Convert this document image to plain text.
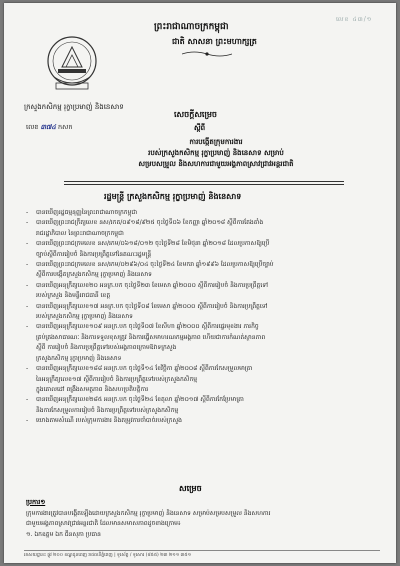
លេខ ៤៣/១
ព្រះរាជាណាចក្រកម្ពុជា
ជាតិ សាសនា ព្រះមហាក្សត្រ
ក្រសួងកសិកម្ម រុក្ខាប្រមាញ់ និងនេសាទ
សេចក្តីសម្រេច
លេខ ៣៧៤ កសក	ស្តីពី
ការបង្កើតក្រុមការងារ
របស់ក្រសួងកសិកម្ម រុក្ខាប្រមាញ់ និងនេសាទ សម្រាប់
សម្របសម្រួល និងសហការជាមួយអង្គភាពស្រាវជ្រាវអន្តរជាតិ
រដ្ឋមន្ត្រី ក្រសួងកសិកម្ម រុក្ខាប្រមាញ់ និងនេសាទ
- បានឃើញរដ្ឋធម្មនុញ្ញនៃព្រះរាជាណាចក្រកម្ពុជា
- បានឃើញព្រះរាជក្រឹត្យលេខ នស/រកត/០៩១៨/៩២៥ ចុះថ្ងៃទី០៦ ខែកញ្ញា ឆ្នាំ២០១៨ ស្តីពីការតែងតាំង
រាជរដ្ឋាភិបាល នៃព្រះរាជាណាចក្រកម្ពុជា
- បានឃើញព្រះរាជក្រមលេខ នស/រកម/០៦១៨/០១២ ចុះថ្ងៃទី២៨ ខែមិថុនា ឆ្នាំ២០១៨ ដែលប្រកាសឱ្យប្រើ
ច្បាប់ស្តីពីការរៀបចំ និងការប្រព្រឹត្តទៅនៃគណៈរដ្ឋមន្ត្រី
- បានឃើញព្រះរាជក្រមលេខ នស/រកម/០២៩៦/០៤ ចុះថ្ងៃទី២៤ ខែមករា ឆ្នាំ១៩៩៦ ដែលប្រកាសឱ្យប្រើច្បាប់
ស្តីពីការបង្កើតក្រសួងកសិកម្ម រុក្ខាប្រមាញ់ និងនេសាទ
- បានឃើញអនុក្រឹត្យលេខ២០ អនក្រ.បក ចុះថ្ងៃទី២៣ ខែមេសា ឆ្នាំ២០០០ ស្តីពីការរៀបចំ និងការប្រព្រឹត្តទៅ
របស់ក្រសួង និងមន្ទីររាជធានី ខេត្ត
- បានឃើញអនុក្រឹត្យលេខ១៧ អនក្រ.បក ចុះថ្ងៃទី០៨ ខែមេសា ឆ្នាំ២០០០ ស្តីពីការរៀបចំ និងការប្រព្រឹត្តទៅ
របស់ក្រសួងកសិកម្ម រុក្ខាប្រមាញ់ និងនេសាទ
- បានឃើញអនុក្រឹត្យលេខ១០៩ អនក្រ.បក ចុះថ្ងៃទី០៧ ខែសីហា ឆ្នាំ២០០០ ស្តីពីការផ្ទេរមុខងារ ភារកិច្ច
គ្រប់គ្រងសាធារណៈ និងការទទួលខុសត្រូវ និងការធ្វើសមាហរណកម្មអង្គភាព ហើយជាការកំណត់ស្ថានភាព
ស្តីពី ការរៀបចំ និងការប្រព្រឹត្តទៅរបស់អង្គភាពក្រោមឱវាទក្រសួង
ក្រសួងកសិកម្ម រុក្ខាប្រមាញ់ និងនេសាទ
- បានឃើញអនុក្រឹត្យលេខ១៨៨ អនក្រ.បក ចុះថ្ងៃទី១៤ ខែវិច្ឆិកា ឆ្នាំ២០០៨ ស្តីពីការកែសម្រួលមាត្រា
នៃអនុក្រឹត្យលេខ១៧ ស្តីពីការរៀបចំ និងការប្រព្រឹត្តទៅរបស់ក្រសួងកសិកម្ម
ក្នុងគោលដៅ ពង្រឹងសមត្ថភាព និងសហប្រតិបត្តិការ
- បានឃើញអនុក្រឹត្យលេខ២៨៥ អនក្រ.បក ចុះថ្ងៃទី២៤ ខែតុលា ឆ្នាំ២០១៧ ស្តីពីការកែប្រែមាត្រា
និងការកែសម្រួលការរៀបចំ និងការប្រព្រឹត្តទៅរបស់ក្រសួងកសិកម្ម
- យោងតាមសំណើ របស់ក្រុមការងារ និងតម្រូវការចាំបាច់របស់ក្រសួង
សម្រេច
ប្រការ១
ក្រុមការងារត្រូវបានបង្កើតឡើងដោយក្រសួងកសិកម្ម រុក្ខាប្រមាញ់ និងនេសាទ សម្រាប់សម្របសម្រួល និងសហការ
ជាមួយអង្គភាពស្រាវជ្រាវអន្តរជាតិ ដែលមានសមាសភាពដូចខាងក្រោម៖
១. ឯកឧត្តម ឯក ធីនសុភា ប្រធាន
អាសយដ្ឋាន៖ ផ្លូវ ២០០ ខណ្ឌដូនពេញ រាជធានីភ្នំពេញ | ទូរស័ព្ទ / ទូរសារ (៨៥៥) ២៣ ២១១ ៣៥១
